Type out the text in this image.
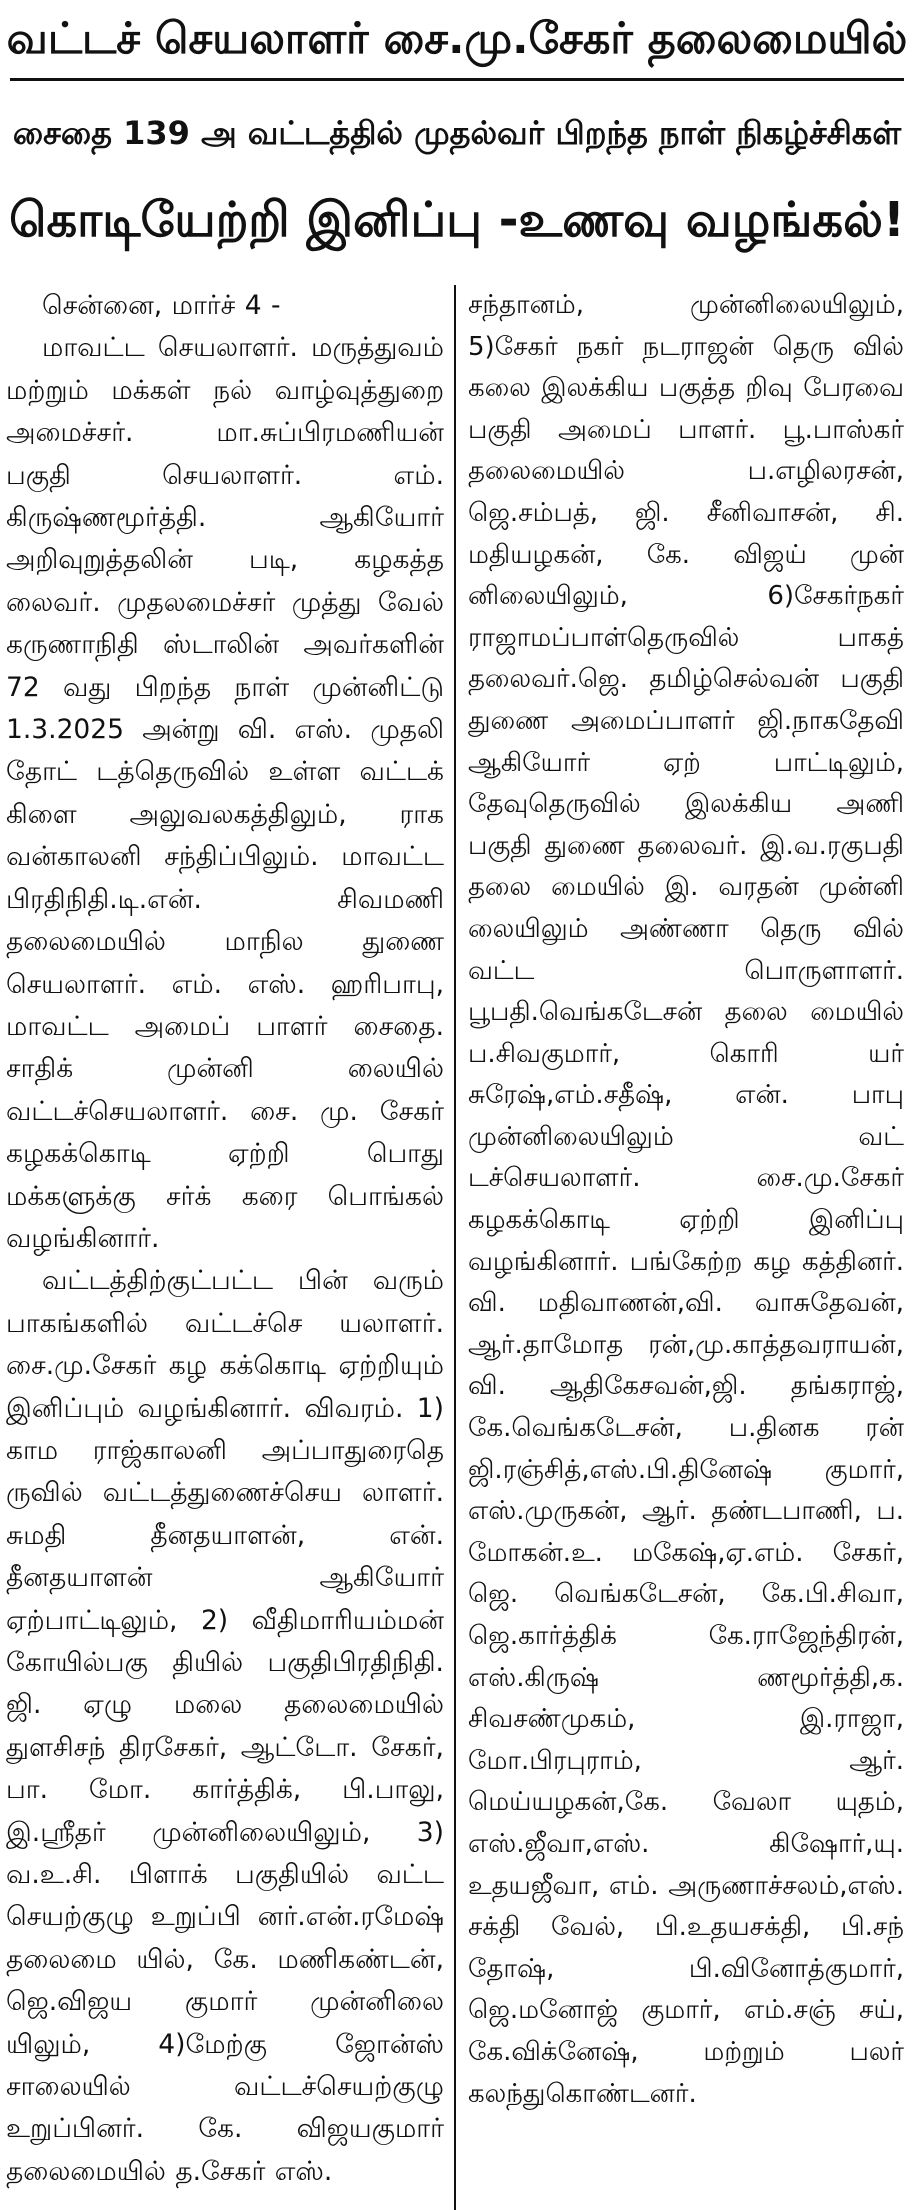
வட்டச் செயலாளர் சை.மு.சேகர் தலைமையில்
சைதை 139 அ வட்டத்தில் முதல்வர் பிறந்த நாள் நிகழ்ச்சிகள்
கொடியேற்றி இனிப்பு -உணவு வழங்கல்!

சென்னை, மார்ச் 4 -

மாவட்ட செயலாளர். மருத்துவம் மற்றும் மக்கள் நல் வாழ்வுத்துறை அமைச்சர். மா.சுப்பிரமணியன் பகுதி செயலாளர். எம். கிருஷ்ணமூர்த்தி. ஆகியோர் அறிவுறுத்தலின் படி, கழகத்த லைவர். முதலமைச்சர் முத்து வேல் கருணாநிதி ஸ்டாலின் அவர்களின் 72 வது பிறந்த நாள் முன்னிட்டு 1.3.2025 அன்று வி. எஸ். முதலி தோட் டத்தெருவில் உள்ள வட்டக் கிளை அலுவலகத்திலும், ராக வன்காலனி சந்திப்பிலும். மாவட்ட பிரதிநிதி.டி.என். சிவமணி தலைமையில் மாநில துணை செயலாளர். எம். எஸ். ஹரிபாபு, மாவட்ட அமைப் பாளர் சைதை. சாதிக் முன்னி லையில் வட்டச்செயலாளர். சை. மு. சேகர் கழகக்கொடி ஏற்றி பொது மக்களுக்கு சர்க் கரை பொங்கல் வழங்கினார்.

வட்டத்திற்குட்பட்ட பின் வரும் பாகங்களில் வட்டச்செ யலாளர். சை.மு.சேகர் கழ கக்கொடி ஏற்றியும் இனிப்பும் வழங்கினார். விவரம். 1) காம ராஜ்காலனி அப்பாதுரைதெ ருவில் வட்டத்துணைச்செய லாளர். சுமதி தீனதயாளன், என். தீனதயாளன் ஆகியோர் ஏற்பாட்டிலும், 2) வீதிமாரியம்மன் கோயில்பகு தியில் பகுதிபிரதிநிதி. ஜி. ஏழு மலை தலைமையில் துளசிசந் திரசேகர், ஆட்டோ. சேகர், பா. மோ. கார்த்திக், பி.பாலு, இ.ஸ்ரீதர் முன்னிலையிலும், 3) வ.உ.சி. பிளாக் பகுதியில் வட்ட செயற்குழு உறுப்பி னர்.என்.ரமேஷ் தலைமை யில், கே. மணிகண்டன், ஜெ.விஜய குமார் முன்னிலை யிலும், 4)மேற்கு ஜோன்ஸ் சாலையில் வட்டச்செயற்குழு உறுப்பினர். கே. விஜயகுமார் தலைமையில் த.சேகர் எஸ்.

சந்தானம், முன்னிலையிலும், 5)சேகர் நகர் நடராஜன் தெரு வில் கலை இலக்கிய பகுத்த றிவு பேரவை பகுதி அமைப் பாளர். பூ.பாஸ்கர் தலைமையில் ப.எழிலரசன், ஜெ.சம்பத், ஜி. சீனிவாசன், சி. மதியழகன், கே. விஜய் முன் னிலையிலும், 6)சேகர்நகர் ராஜாமப்பாள்தெருவில் பாகத் தலைவர்.ஜெ. தமிழ்செல்வன் பகுதி துணை அமைப்பாளர் ஜி.நாகதேவி ஆகியோர் ஏற் பாட்டிலும், தேவுதெருவில் இலக்கிய அணி பகுதி துணை தலைவர். இ.வ.ரகுபதி தலை மையில் இ. வரதன் முன்னி லையிலும் அண்ணா தெரு வில் வட்ட பொருளாளர். பூபதி.வெங்கடேசன் தலை மையில் ப.சிவகுமார், கொரி யர் சுரேஷ்,எம்.சதீஷ், என். பாபு முன்னிலையிலும் வட் டச்செயலாளர். சை.மு.சேகர் கழகக்கொடி ஏற்றி இனிப்பு வழங்கினார். பங்கேற்ற கழ கத்தினர். வி. மதிவாணன்,வி. வாசுதேவன், ஆர்.தாமோத ரன்,மு.காத்தவராயன், வி. ஆதிகேசவன்,ஜி. தங்கராஜ், கே.வெங்கடேசன், ப.தினக ரன் ஜி.ரஞ்சித்,எஸ்.பி.தினேஷ் குமார், எஸ்.முருகன், ஆர். தண்டபாணி, ப. மோகன்.உ. மகேஷ்,ஏ.எம். சேகர், ஜெ. வெங்கடேசன், கே.பி.சிவா, ஜெ.கார்த்திக் கே.ராஜேந்திரன், எஸ்.கிருஷ் ணமூர்த்தி,க. சிவசண்முகம், இ.ராஜா, மோ.பிரபுராம், ஆர். மெய்யழகன்,கே. வேலா யுதம், எஸ்.ஜீவா,எஸ். கிஷோர்,யு. உதயஜீவா, எம். அருணாச்சலம்,எஸ். சக்தி வேல், பி.உதயசக்தி, பி.சந் தோஷ், பி.வினோத்குமார், ஜெ.மனோஜ் குமார், எம்.சஞ் சய், கே.விக்னேஷ், மற்றும் பலர் கலந்துகொண்டனர்.
